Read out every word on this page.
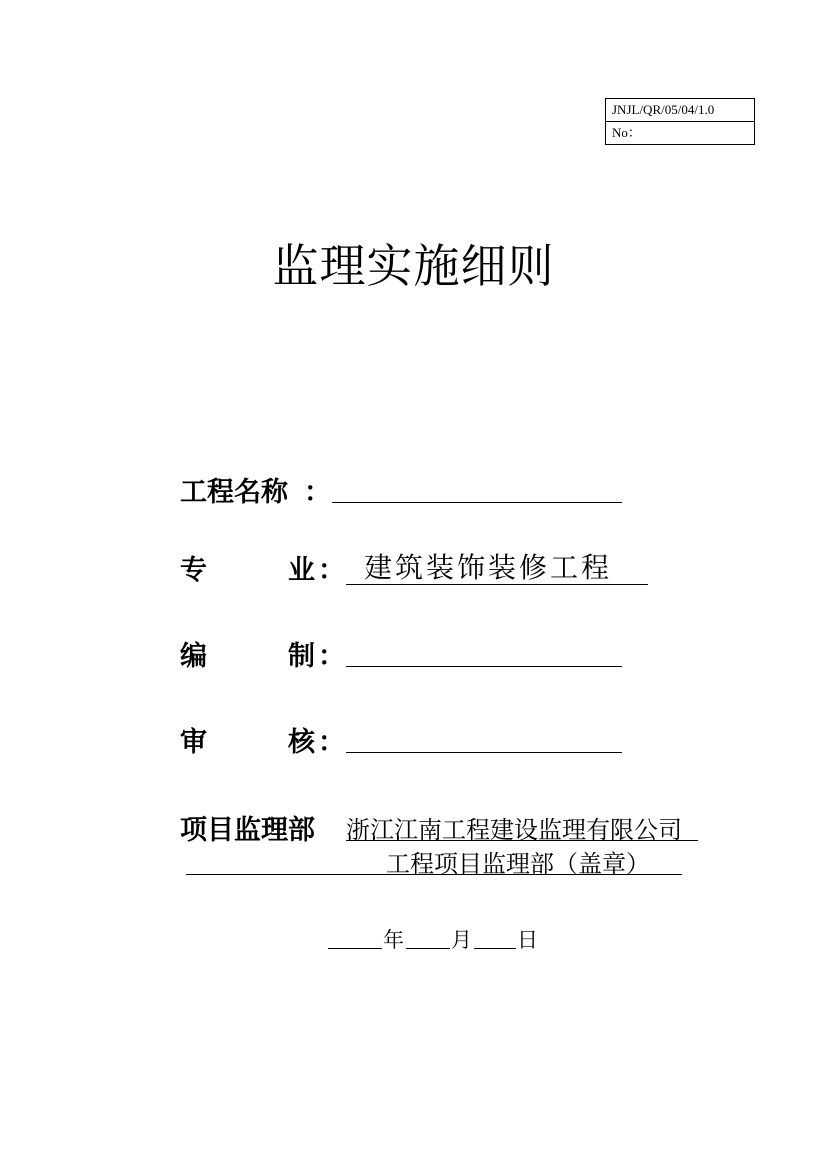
JNJL/QR/05/04/1.0
No：
监理实施细则
工程名称 ：
专	业 ： 建筑装饰装修工程
编	制 ：
审	核 ：
项目监理部 浙江江南工程建设监理有限公司
工程项目监理部（盖章）
年 月 日
